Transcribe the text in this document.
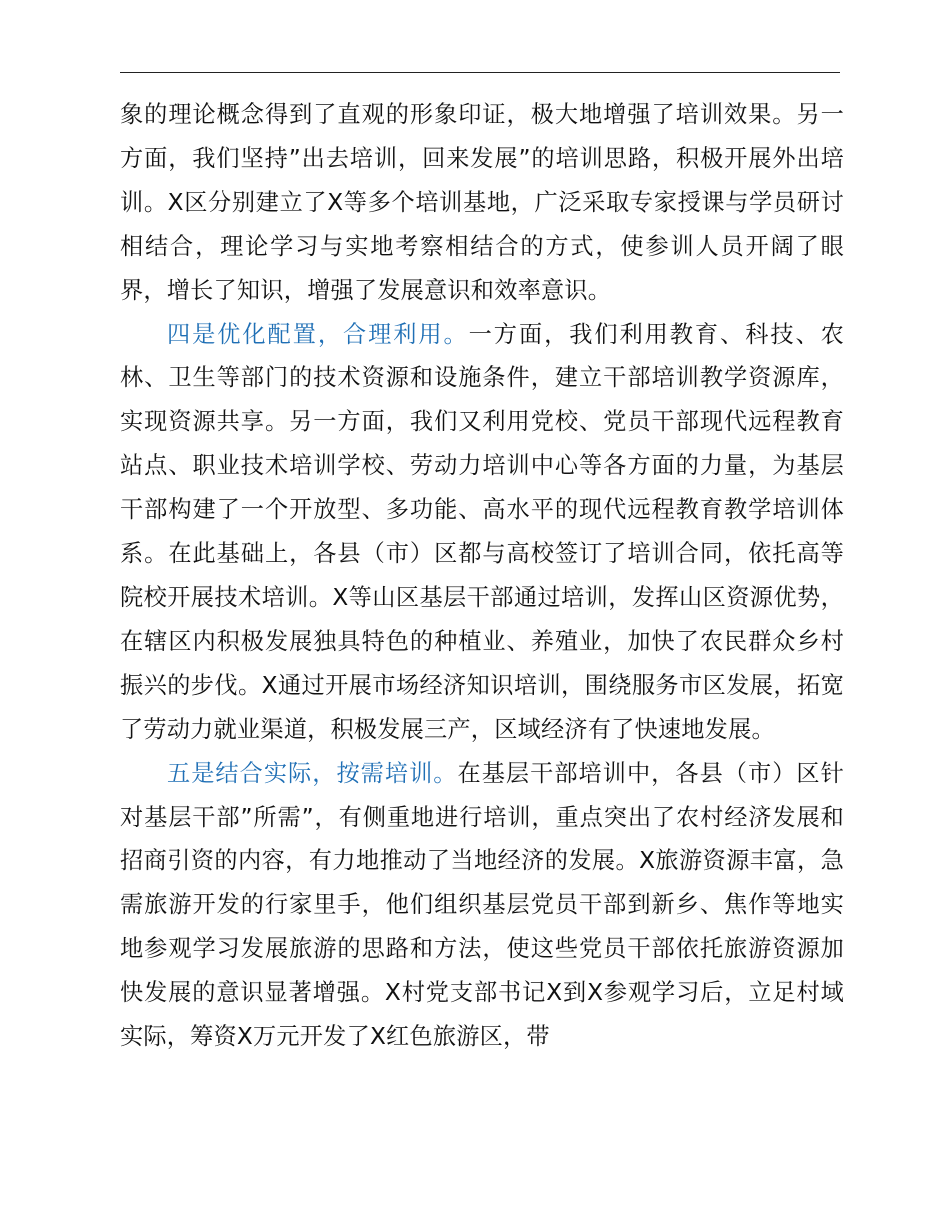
象的理论概念得到了直观的形象印证，极大地增强了培训效果。另一方面，我们坚持”出去培训，回来发展”的培训思路，积极开展外出培训。X区分别建立了X等多个培训基地，广泛采取专家授课与学员研讨相结合，理论学习与实地考察相结合的方式，使参训人员开阔了眼界，增长了知识，增强了发展意识和效率意识。

四是优化配置，合理利用。一方面，我们利用教育、科技、农林、卫生等部门的技术资源和设施条件，建立干部培训教学资源库，实现资源共享。另一方面，我们又利用党校、党员干部现代远程教育站点、职业技术培训学校、劳动力培训中心等各方面的力量，为基层干部构建了一个开放型、多功能、高水平的现代远程教育教学培训体系。在此基础上，各县（市）区都与高校签订了培训合同，依托高等院校开展技术培训。X等山区基层干部通过培训，发挥山区资源优势，在辖区内积极发展独具特色的种植业、养殖业，加快了农民群众乡村振兴的步伐。X通过开展市场经济知识培训，围绕服务市区发展，拓宽了劳动力就业渠道，积极发展三产，区域经济有了快速地发展。

五是结合实际，按需培训。在基层干部培训中，各县（市）区针对基层干部”所需”，有侧重地进行培训，重点突出了农村经济发展和招商引资的内容，有力地推动了当地经济的发展。X旅游资源丰富，急需旅游开发的行家里手，他们组织基层党员干部到新乡、焦作等地实地参观学习发展旅游的思路和方法，使这些党员干部依托旅游资源加快发展的意识显著增强。X村党支部书记X到X参观学习后，立足村域实际，筹资X万元开发了X红色旅游区，带
